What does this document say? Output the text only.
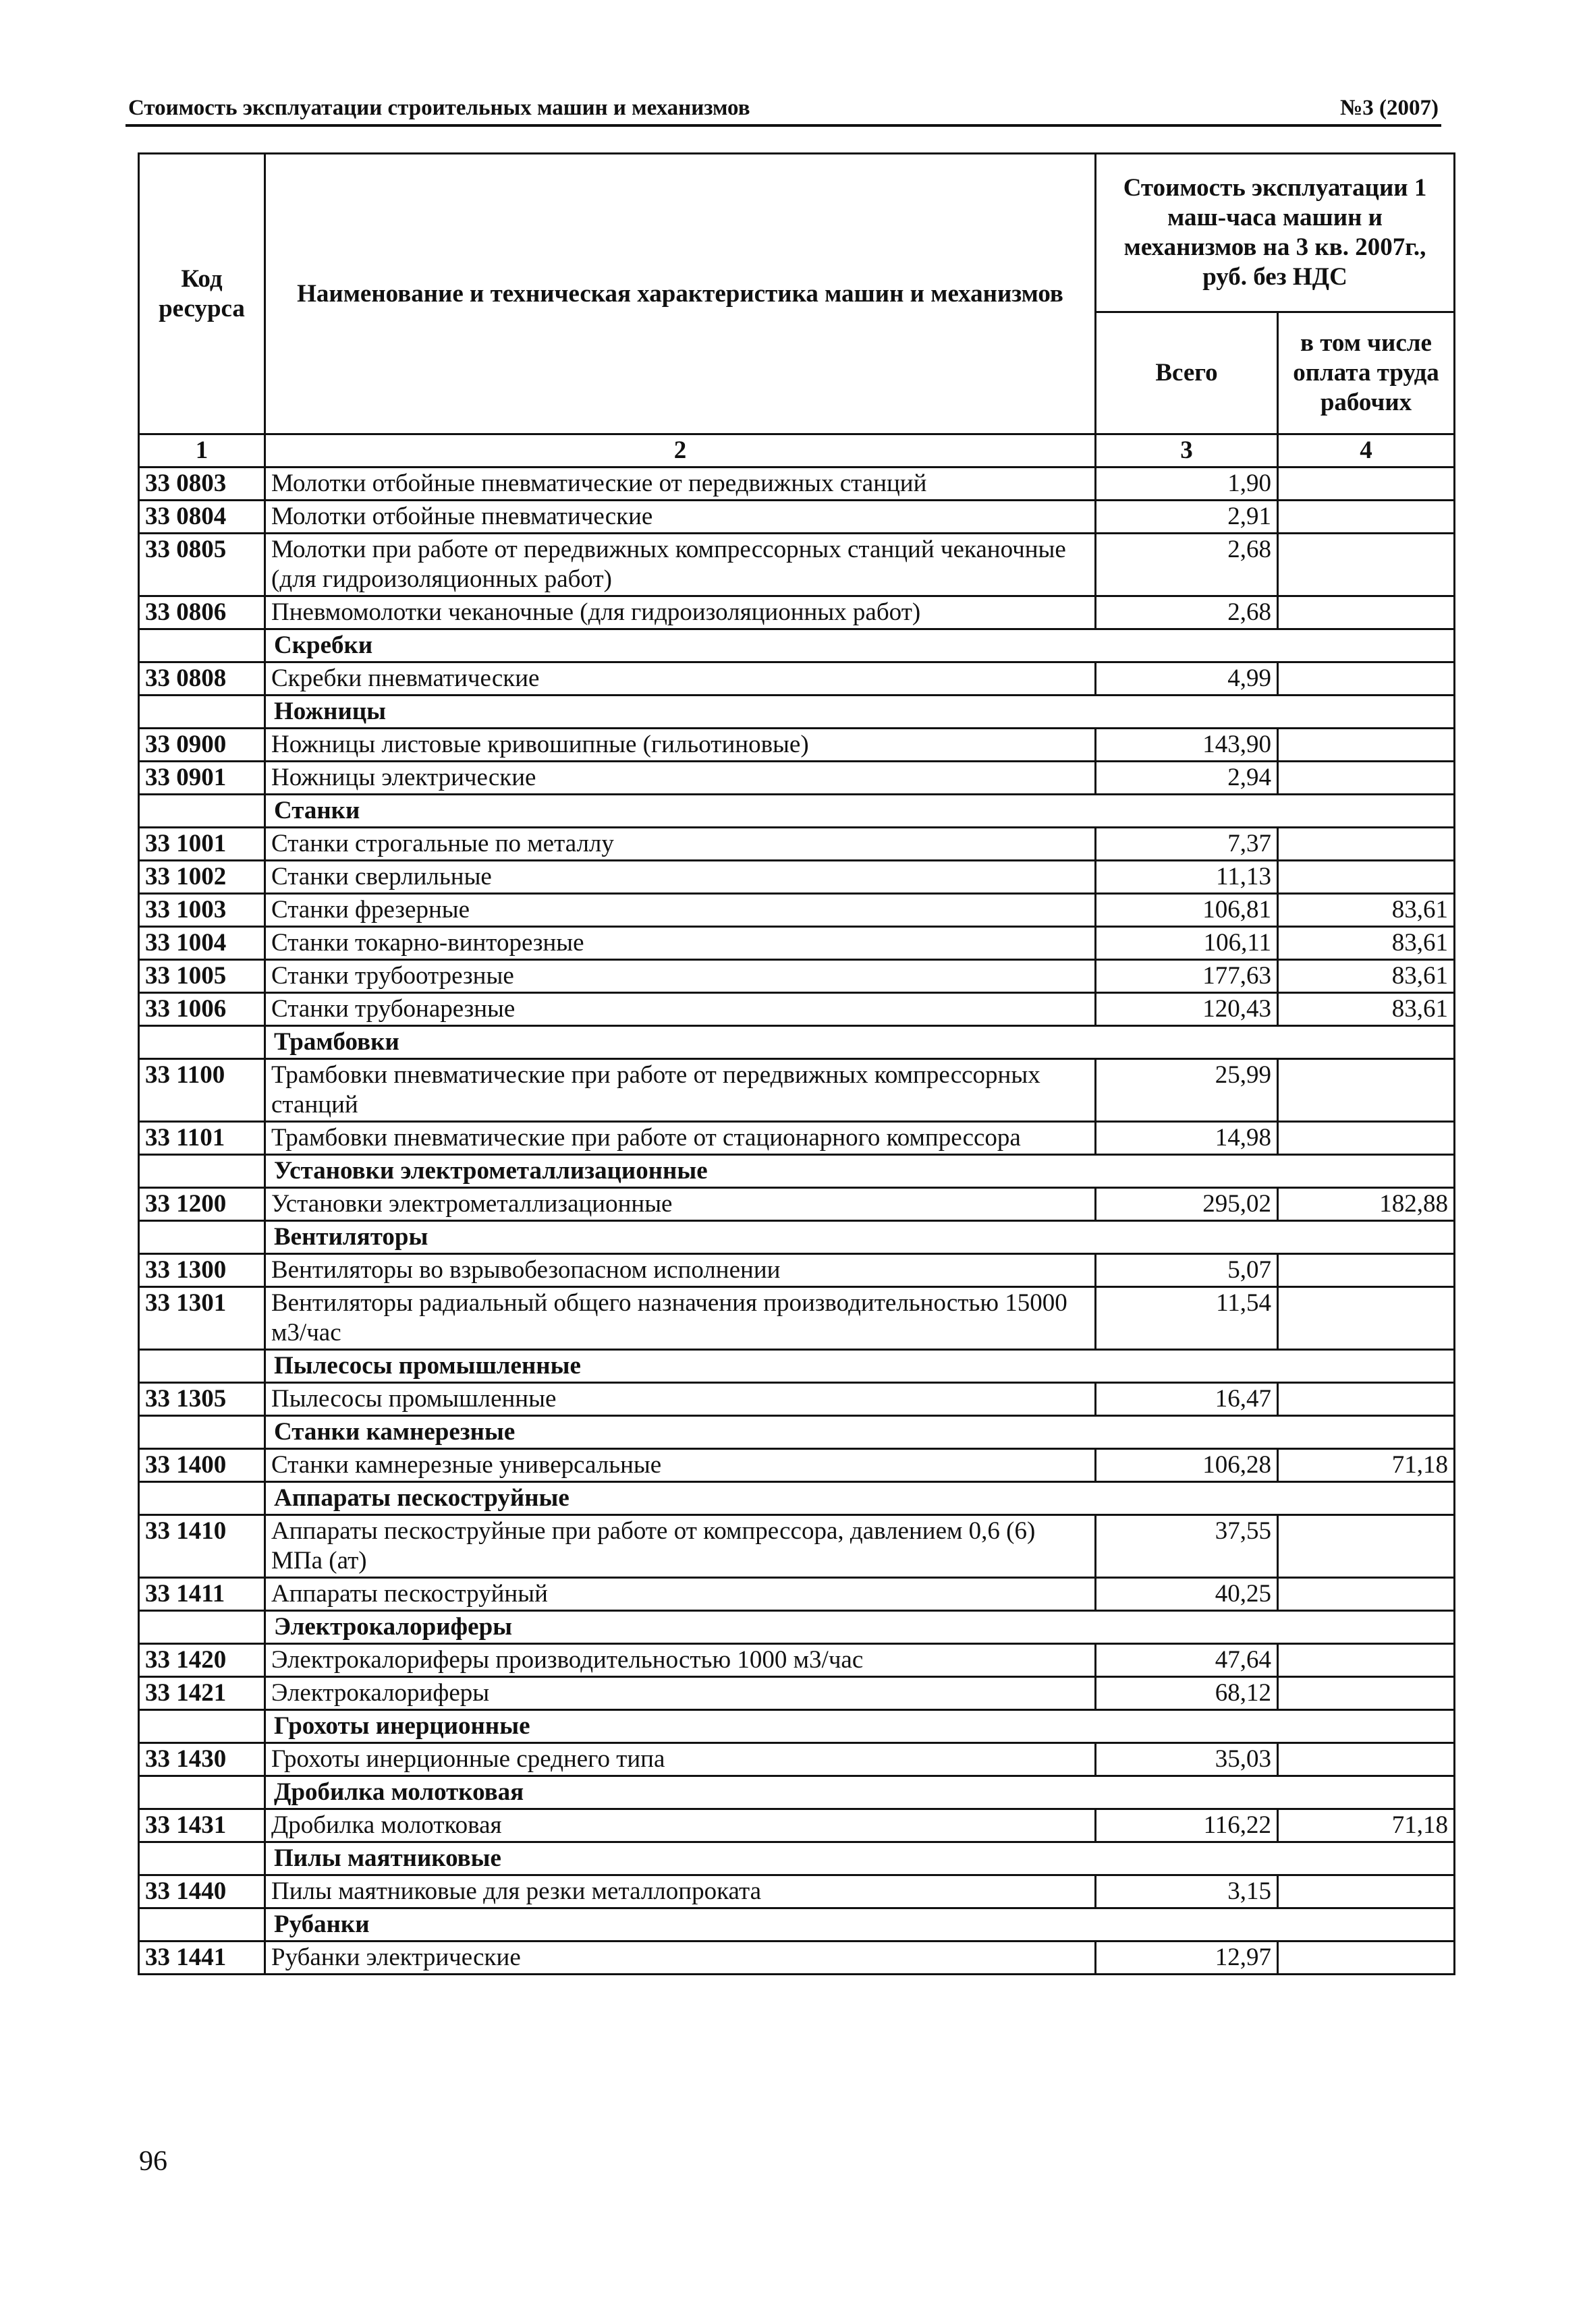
Стоимость эксплуатации строительных машин и механизмов	№3 (2007)
Код ресурса	Наименование и техническая характеристика машин и механизмов	Стоимость эксплуатации 1 маш-часа машин и механизмов на 3 кв. 2007г., руб. без НДС	
		Всего	в том числе оплата труда рабочих
1	2	3	4
33 0803	Молотки отбойные пневматические от передвижных станций	1,90	
33 0804	Молотки отбойные пневматические	2,91	
33 0805	Молотки при работе от передвижных компрессорных станций чеканочные (для гидроизоляционных работ)	2,68	
33 0806	Пневмомолотки чеканочные (для гидроизоляционных работ)	2,68	
	Скребки		
33 0808	Скребки пневматические	4,99	
	Ножницы		
33 0900	Ножницы листовые кривошипные (гильотиновые)	143,90	
33 0901	Ножницы электрические	2,94	
	Станки		
33 1001	Станки строгальные по металлу	7,37	
33 1002	Станки сверлильные	11,13	
33 1003	Станки фрезерные	106,81	83,61
33 1004	Станки токарно-винторезные	106,11	83,61
33 1005	Станки трубоотрезные	177,63	83,61
33 1006	Станки трубонарезные	120,43	83,61
	Трамбовки		
33 1100	Трамбовки пневматические при работе от передвижных компрессорных станций	25,99	
33 1101	Трамбовки пневматические при работе от стационарного компрессора	14,98	
	Установки электрометаллизационные		
33 1200	Установки электрометаллизационные	295,02	182,88
	Вентиляторы		
33 1300	Вентиляторы во взрывобезопасном исполнении	5,07	
33 1301	Вентиляторы радиальный общего назначения производительностью 15000 м3/час	11,54	
	Пылесосы промышленные		
33 1305	Пылесосы промышленные	16,47	
	Станки камнерезные		
33 1400	Станки камнерезные универсальные	106,28	71,18
	Аппараты пескоструйные		
33 1410	Аппараты пескоструйные при работе от компрессора, давлением 0,6 (6) МПа (ат)	37,55	
33 1411	Аппараты пескоструйный	40,25	
	Электрокалориферы		
33 1420	Электрокалориферы производительностью 1000 м3/час	47,64	
33 1421	Электрокалориферы	68,12	
	Грохоты инерционные		
33 1430	Грохоты инерционные среднего типа	35,03	
	Дробилка молотковая		
33 1431	Дробилка молотковая	116,22	71,18
	Пилы маятниковые		
33 1440	Пилы маятниковые для резки металлопроката	3,15	
	Рубанки		
33 1441	Рубанки электрические	12,97	
96
